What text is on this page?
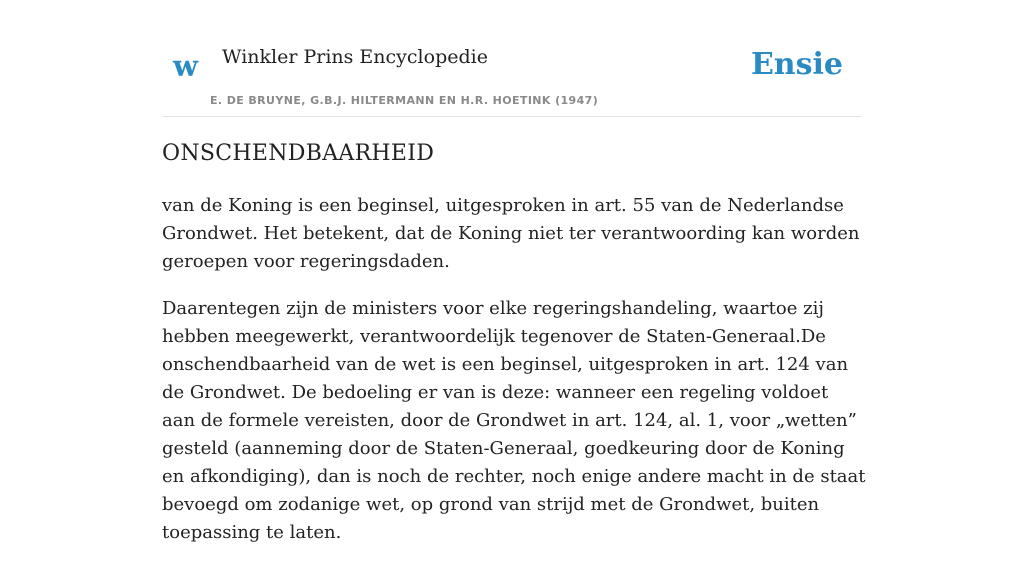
w Winkler Prins Encyclopedie
E. DE BRUYNE, G.B.J. HILTERMANN EN H.R. HOETINK (1947)
Ensie
ONSCHENDBAARHEID

van de Koning is een beginsel, uitgesproken in art. 55 van de Nederlandse Grondwet. Het betekent, dat de Koning niet ter verantwoording kan worden geroepen voor regeringsdaden.

Daarentegen zijn de ministers voor elke regeringshandeling, waartoe zij hebben meegewerkt, verantwoordelijk tegenover de Staten-Generaal.De onschendbaarheid van de wet is een beginsel, uitgesproken in art. 124 van de Grondwet. De bedoeling er van is deze: wanneer een regeling voldoet aan de formele vereisten, door de Grondwet in art. 124, al. 1, voor „wetten” gesteld (aanneming door de Staten-Generaal, goedkeuring door de Koning en afkondiging), dan is noch de rechter, noch enige andere macht in de staat bevoegd om zodanige wet, op grond van strijd met de Grondwet, buiten toepassing te laten.
